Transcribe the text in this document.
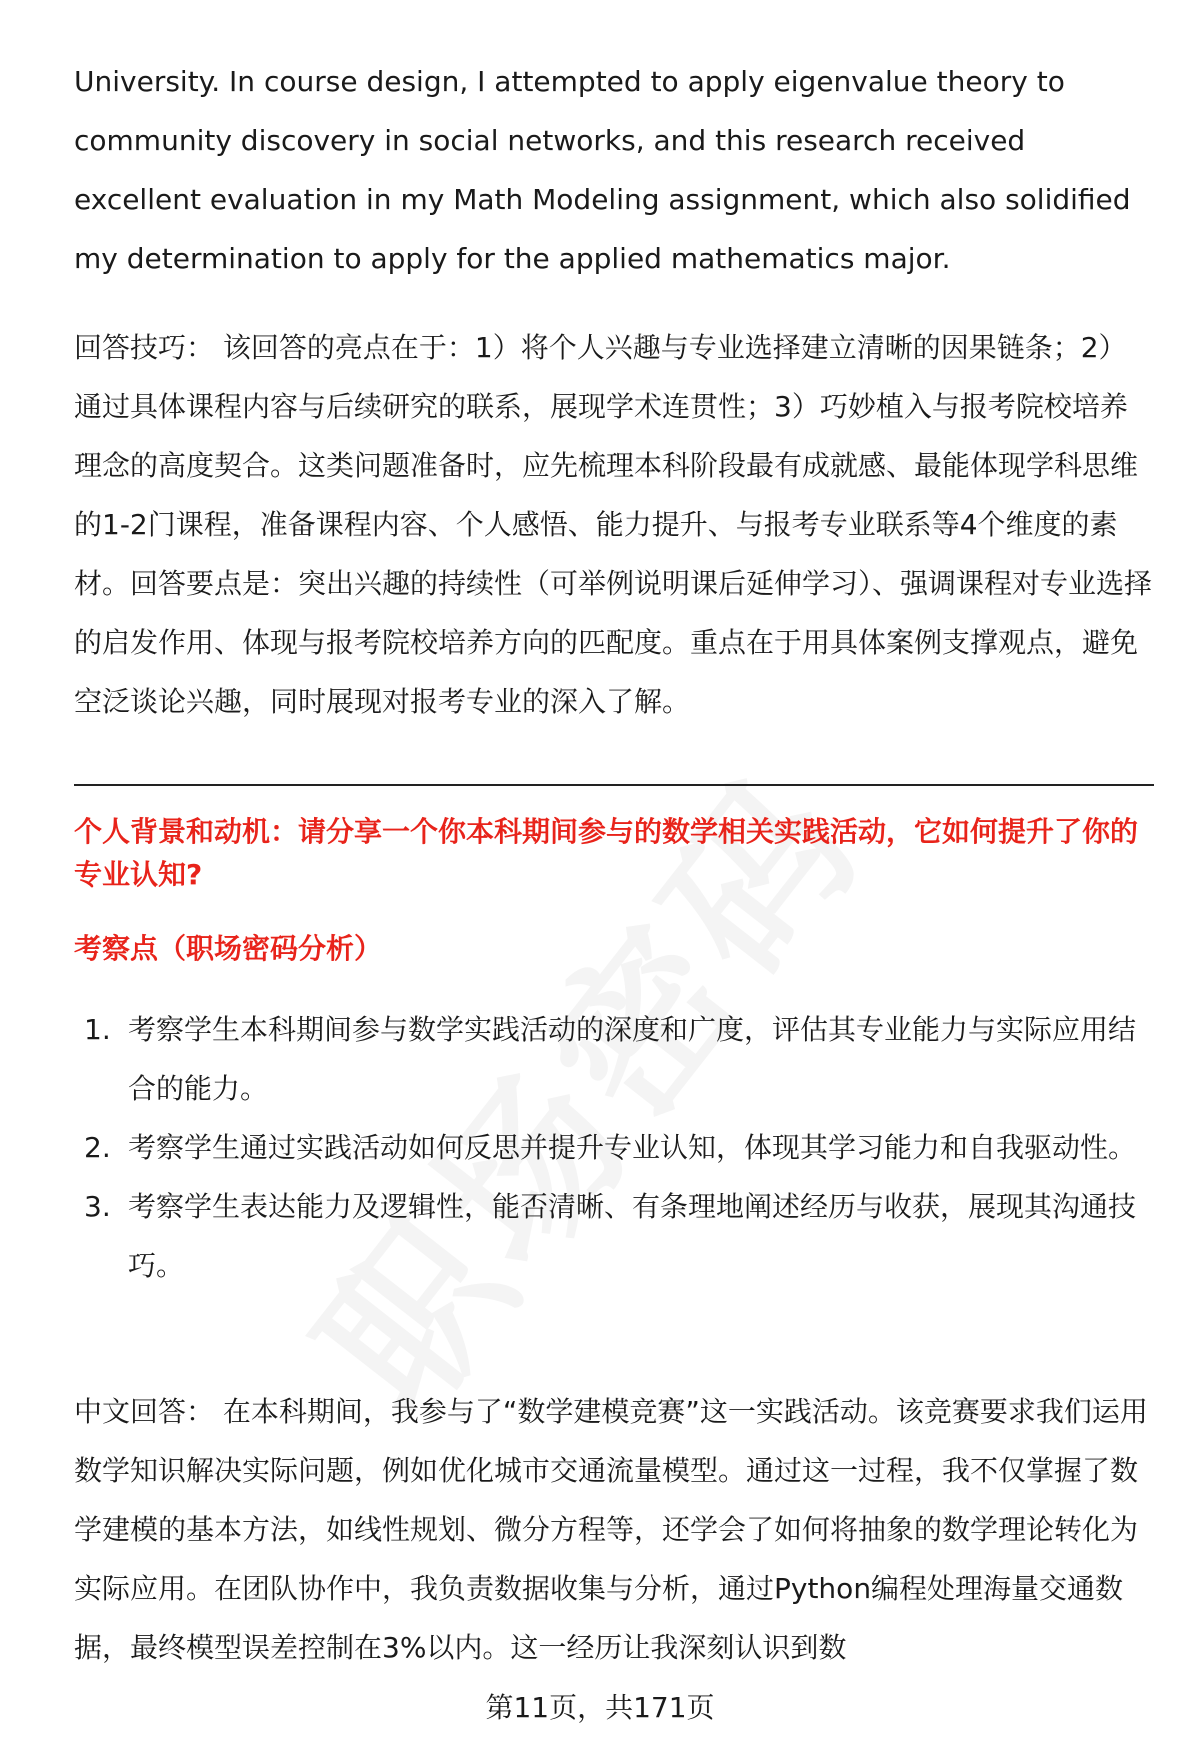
University. In course design, I attempted to apply eigenvalue theory to community discovery in social networks, and this research received excellent evaluation in my Math Modeling assignment, which also solidified my determination to apply for the applied mathematics major.

回答技巧： 该回答的亮点在于：1）将个人兴趣与专业选择建立清晰的因果链条；2）通过具体课程内容与后续研究的联系，展现学术连贯性；3）巧妙植入与报考院校培养理念的高度契合。这类问题准备时，应先梳理本科阶段最有成就感、最能体现学科思维的1-2门课程，准备课程内容、个人感悟、能力提升、与报考专业联系等4个维度的素材。回答要点是：突出兴趣的持续性（可举例说明课后延伸学习）、强调课程对专业选择的启发作用、体现与报考院校培养方向的匹配度。重点在于用具体案例支撑观点，避免空泛谈论兴趣，同时展现对报考专业的深入了解。

个人背景和动机：请分享一个你本科期间参与的数学相关实践活动，它如何提升了你的专业认知?
考察点（职场密码分析）
1. 考察学生本科期间参与数学实践活动的深度和广度，评估其专业能力与实际应用结合的能力。
2. 考察学生通过实践活动如何反思并提升专业认知，体现其学习能力和自我驱动性。
3. 考察学生表达能力及逻辑性，能否清晰、有条理地阐述经历与收获，展现其沟通技巧。

中文回答： 在本科期间，我参与了“数学建模竞赛”这一实践活动。该竞赛要求我们运用数学知识解决实际问题，例如优化城市交通流量模型。通过这一过程，我不仅掌握了数学建模的基本方法，如线性规划、微分方程等，还学会了如何将抽象的数学理论转化为实际应用。在团队协作中，我负责数据收集与分析，通过Python编程处理海量交通数据，最终模型误差控制在3%以内。这一经历让我深刻认识到数

第11页，共171页
